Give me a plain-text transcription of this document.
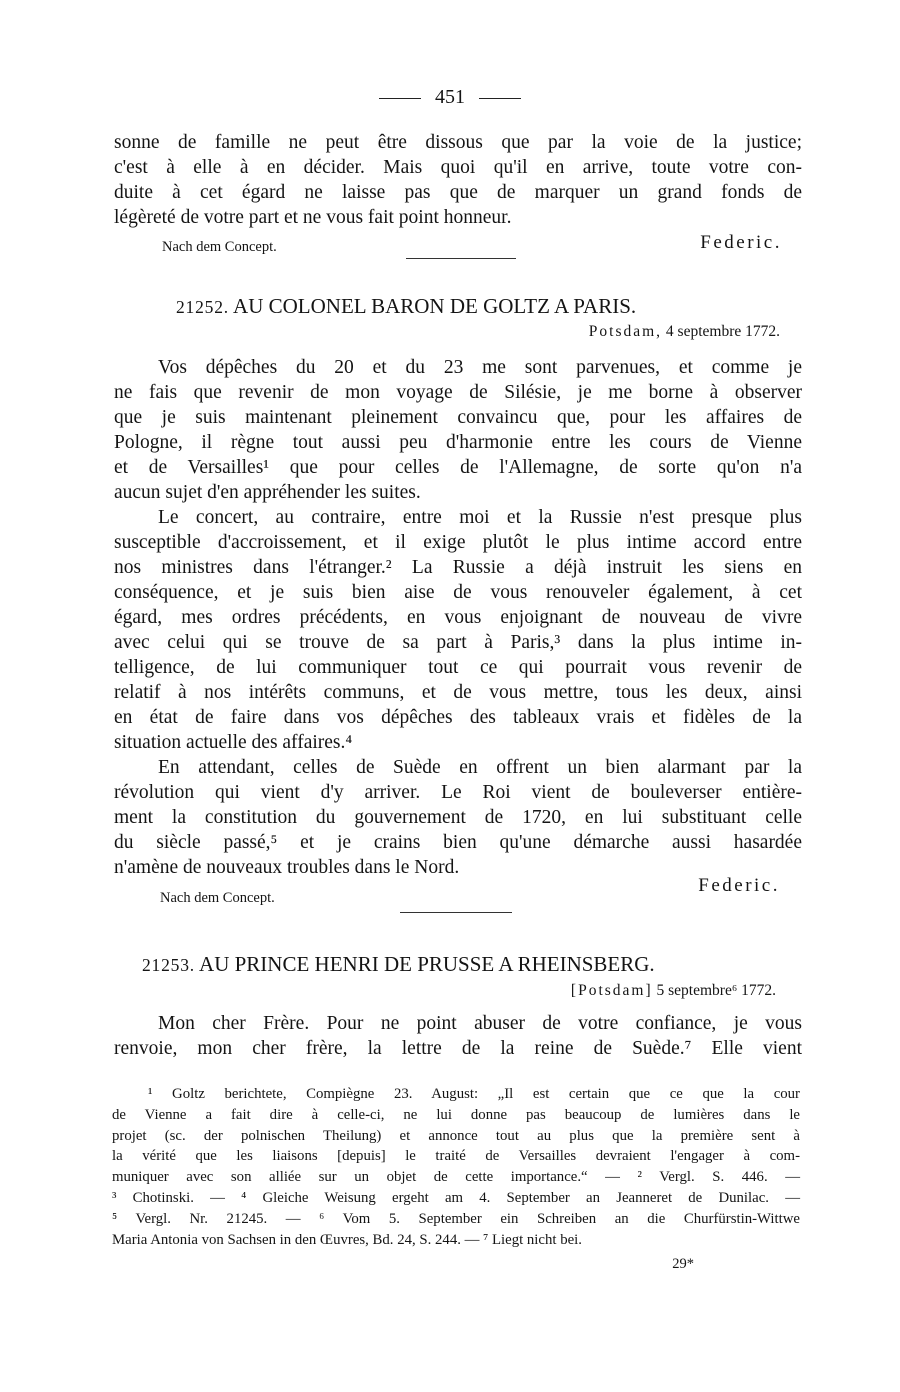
451
sonne de famille ne peut être dissous que par la voie de la justice;
c'est à elle à en décider. Mais quoi qu'il en arrive, toute votre con-
duite à cet égard ne laisse pas que de marquer un grand fonds de
légèreté de votre part et ne vous fait point honneur.
Nach dem Concept.	Federic.
21252. AU COLONEL BARON DE GOLTZ A PARIS.
Potsdam, 4 septembre 1772.
Vos dépêches du 20 et du 23 me sont parvenues, et comme je
ne fais que revenir de mon voyage de Silésie, je me borne à observer
que je suis maintenant pleinement convaincu que, pour les affaires de
Pologne, il règne tout aussi peu d'harmonie entre les cours de Vienne
et de Versailles¹ que pour celles de l'Allemagne, de sorte qu'on n'a
aucun sujet d'en appréhender les suites.
Le concert, au contraire, entre moi et la Russie n'est presque plus
susceptible d'accroissement, et il exige plutôt le plus intime accord entre
nos ministres dans l'étranger.² La Russie a déjà instruit les siens en
conséquence, et je suis bien aise de vous renouveler également, à cet
égard, mes ordres précédents, en vous enjoignant de nouveau de vivre
avec celui qui se trouve de sa part à Paris,³ dans la plus intime in-
telligence, de lui communiquer tout ce qui pourrait vous revenir de
relatif à nos intérêts communs, et de vous mettre, tous les deux, ainsi
en état de faire dans vos dépêches des tableaux vrais et fidèles de la
situation actuelle des affaires.⁴
En attendant, celles de Suède en offrent un bien alarmant par la
révolution qui vient d'y arriver. Le Roi vient de bouleverser entière-
ment la constitution du gouvernement de 1720, en lui substituant celle
du siècle passé,⁵ et je crains bien qu'une démarche aussi hasardée
n'amène de nouveaux troubles dans le Nord.
Federic.
Nach dem Concept.
21253. AU PRINCE HENRI DE PRUSSE A RHEINSBERG.
[Potsdam] 5 septembre⁶ 1772.
Mon cher Frère. Pour ne point abuser de votre confiance, je vous
renvoie, mon cher frère, la lettre de la reine de Suède.⁷ Elle vient
¹ Goltz berichtete, Compiègne 23. August: „Il est certain que ce que la cour
de Vienne a fait dire à celle-ci, ne lui donne pas beaucoup de lumières dans le
projet (sc. der polnischen Theilung) et annonce tout au plus que la première sent à
la vérité que les liaisons [depuis] le traité de Versailles devraient l'engager à com-
muniquer avec son alliée sur un objet de cette importance.“ — ² Vergl. S. 446. —
³ Chotinski. — ⁴ Gleiche Weisung ergeht am 4. September an Jeanneret de Dunilac. —
⁵ Vergl. Nr. 21245. — ⁶ Vom 5. September ein Schreiben an die Churfürstin-Wittwe
Maria Antonia von Sachsen in den Œuvres, Bd. 24, S. 244. — ⁷ Liegt nicht bei.
29*
